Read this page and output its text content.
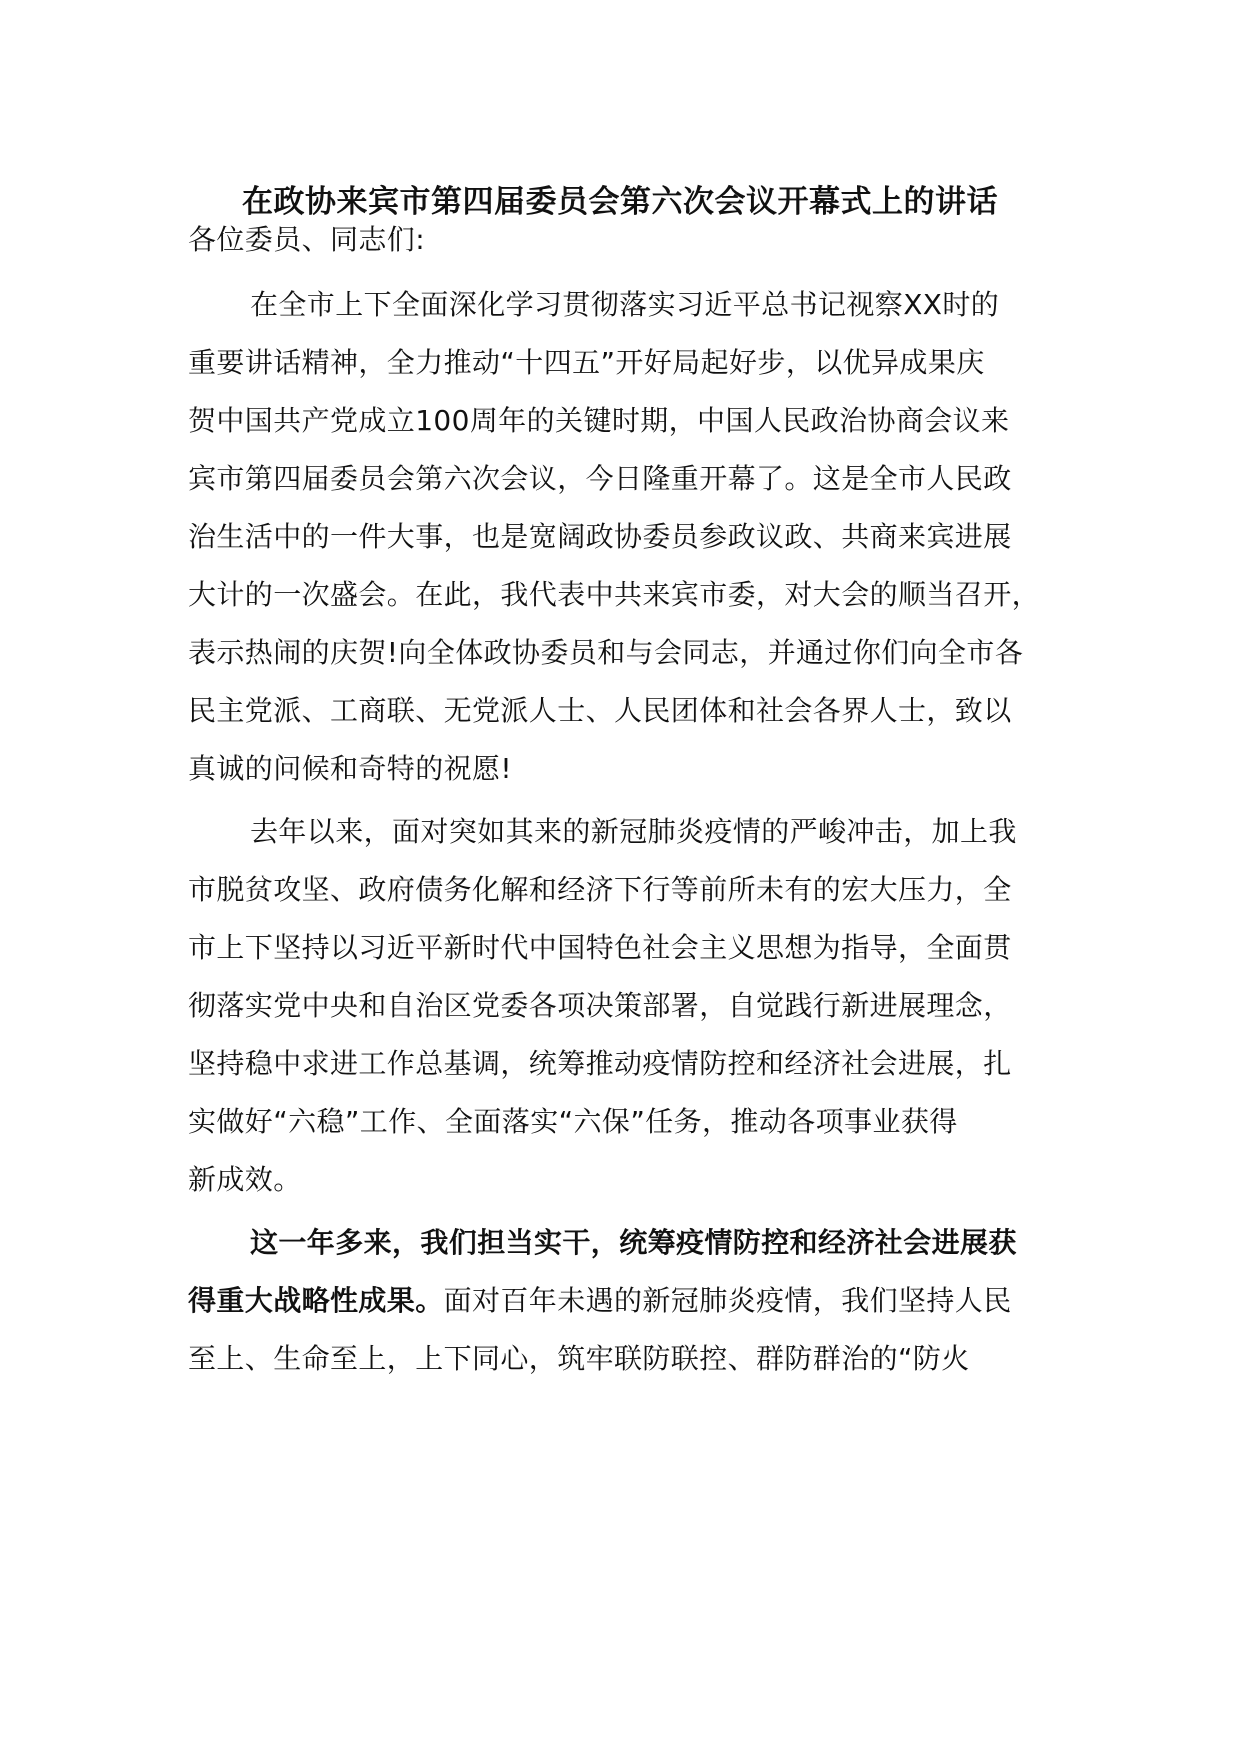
在政协来宾市第四届委员会第六次会议开幕式上的讲话
各位委员、同志们:
在全市上下全面深化学习贯彻落实习近平总书记视察XX时的
重要讲话精神，全力推动“十四五”开好局起好步，以优异成果庆
贺中国共产党成立100周年的关键时期，中国人民政治协商会议来
宾市第四届委员会第六次会议，今日隆重开幕了。这是全市人民政
治生活中的一件大事，也是宽阔政协委员参政议政、共商来宾进展
大计的一次盛会。在此，我代表中共来宾市委，对大会的顺当召开，
表示热闹的庆贺!向全体政协委员和与会同志，并通过你们向全市各
民主党派、工商联、无党派人士、人民团体和社会各界人士，致以
真诚的问候和奇特的祝愿!
去年以来，面对突如其来的新冠肺炎疫情的严峻冲击，加上我
市脱贫攻坚、政府债务化解和经济下行等前所未有的宏大压力，全
市上下坚持以习近平新时代中国特色社会主义思想为指导，全面贯
彻落实党中央和自治区党委各项决策部署，自觉践行新进展理念，
坚持稳中求进工作总基调，统筹推动疫情防控和经济社会进展，扎
实做好“六稳”工作、全面落实“六保”任务，推动各项事业获得
新成效。
这一年多来，我们担当实干，统筹疫情防控和经济社会进展获
得重大战略性成果。面对百年未遇的新冠肺炎疫情，我们坚持人民
至上、生命至上，上下同心，筑牢联防联控、群防群治的“防火
